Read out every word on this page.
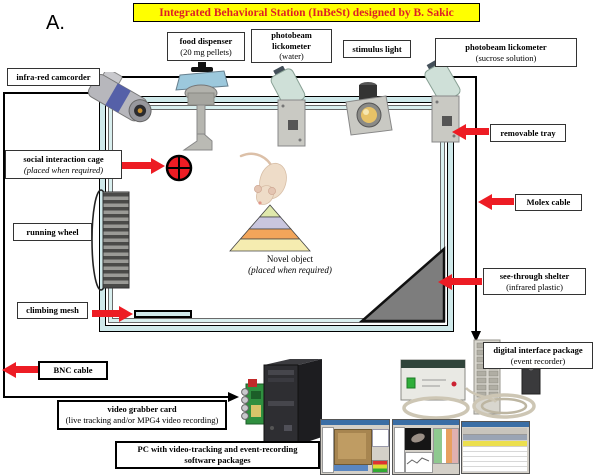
Integrated Behavioral Station (InBeSt) designed by B. Sakic
A.
Novel object
(placed when required)
infra-red camcorder
food dispenser
(20 mg pellets)
photobeam lickometer
(water)
stimulus light	photobeam lickometer
(sucrose solution)
social interaction cage
(placed when required)
running wheel
climbing mesh
BNC cable
video grabber card
(live tracking and/or MPG4 video recording)
PC with video-tracking and event-recording
software packages
removable tray
Molex cable
see-through shelter
(infrared plastic)
digital interface package
(event recorder)
